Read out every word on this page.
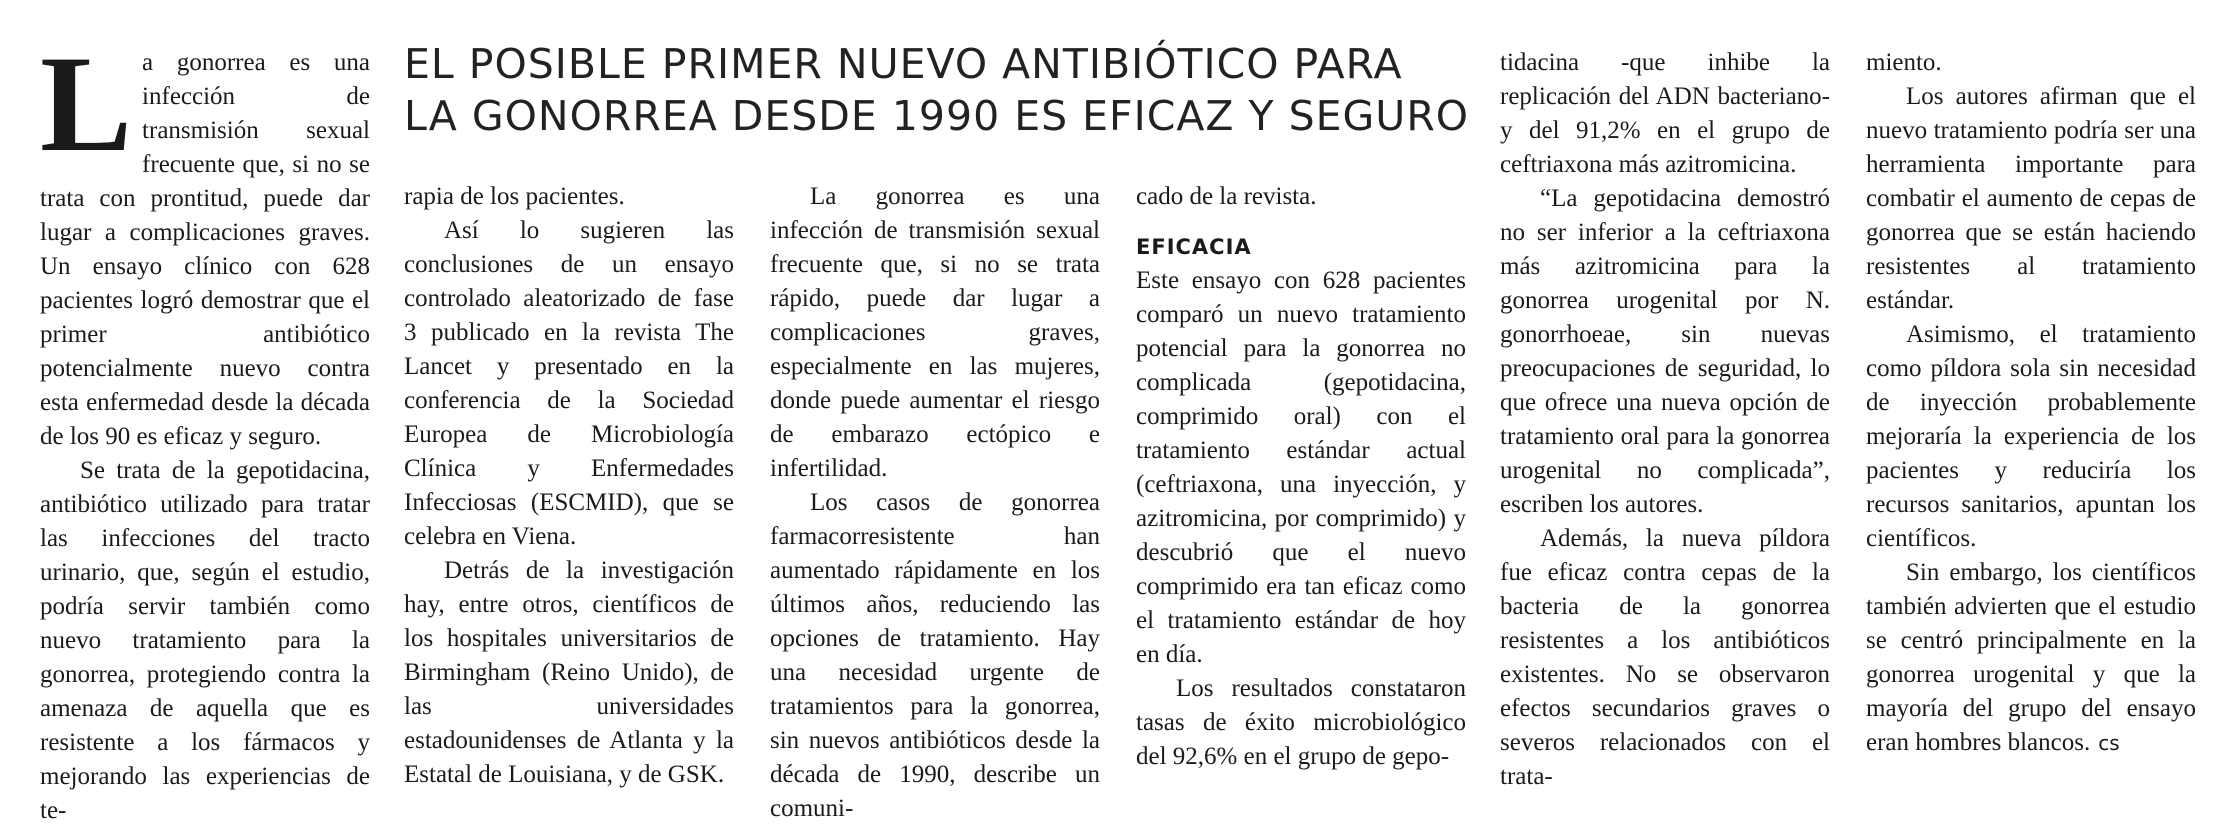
EL POSIBLE PRIMER NUEVO ANTIBIÓTICO PARA
LA GONORREA DESDE 1990 ES EFICAZ Y SEGURO

La gonorrea es una infección de transmisión sexual frecuente que, si no se trata con prontitud, puede dar lugar a complicaciones graves. Un ensayo clínico con 628 pacientes logró demostrar que el primer antibiótico potencialmente nuevo contra esta enfermedad desde la década de los 90 es eficaz y seguro.

Se trata de la gepotidacina, antibiótico utilizado para tratar las infecciones del tracto urinario, que, según el estudio, podría servir también como nuevo tratamiento para la gonorrea, protegiendo contra la amenaza de aquella que es resistente a los fármacos y mejorando las experiencias de te-

rapia de los pacientes.

Así lo sugieren las conclusiones de un ensayo controlado aleatorizado de fase 3 publicado en la revista The Lancet y presentado en la conferencia de la Sociedad Europea de Microbiología Clínica y Enfermedades Infecciosas (ESCMID), que se celebra en Viena.

Detrás de la investigación hay, entre otros, científicos de los hospitales universitarios de Birmingham (Reino Unido), de las universidades estadounidenses de Atlanta y la Estatal de Louisiana, y de GSK.

La gonorrea es una infección de transmisión sexual frecuente que, si no se trata rápido, puede dar lugar a complicaciones graves, especialmente en las mujeres, donde puede aumentar el riesgo de embarazo ectópico e infertilidad.

Los casos de gonorrea farmacorresistente han aumentado rápidamente en los últimos años, reduciendo las opciones de tratamiento. Hay una necesidad urgente de tratamientos para la gonorrea, sin nuevos antibióticos desde la década de 1990, describe un comuni-

cado de la revista.

EFICACIA

Este ensayo con 628 pacientes comparó un nuevo tratamiento potencial para la gonorrea no complicada (gepotidacina, comprimido oral) con el tratamiento estándar actual (ceftriaxona, una inyección, y azitromicina, por comprimido) y descubrió que el nuevo comprimido era tan eficaz como el tratamiento estándar de hoy en día.

Los resultados constataron tasas de éxito microbiológico del 92,6% en el grupo de gepo-

tidacina -que inhibe la replicación del ADN bacteriano- y del 91,2% en el grupo de ceftriaxona más azitromicina.

“La gepotidacina demostró no ser inferior a la ceftriaxona más azitromicina para la gonorrea urogenital por N. gonorrhoeae, sin nuevas preocupaciones de seguridad, lo que ofrece una nueva opción de tratamiento oral para la gonorrea urogenital no complicada”, escriben los autores.

Además, la nueva píldora fue eficaz contra cepas de la bacteria de la gonorrea resistentes a los antibióticos existentes. No se observaron efectos secundarios graves o severos relacionados con el trata-

miento.

Los autores afirman que el nuevo tratamiento podría ser una herramienta importante para combatir el aumento de cepas de gonorrea que se están haciendo resistentes al tratamiento estándar.

Asimismo, el tratamiento como píldora sola sin necesidad de inyección probablemente mejoraría la experiencia de los pacientes y reduciría los recursos sanitarios, apuntan los científicos.

Sin embargo, los científicos también advierten que el estudio se centró principalmente en la gonorrea urogenital y que la mayoría del grupo del ensayo eran hombres blancos. cs
